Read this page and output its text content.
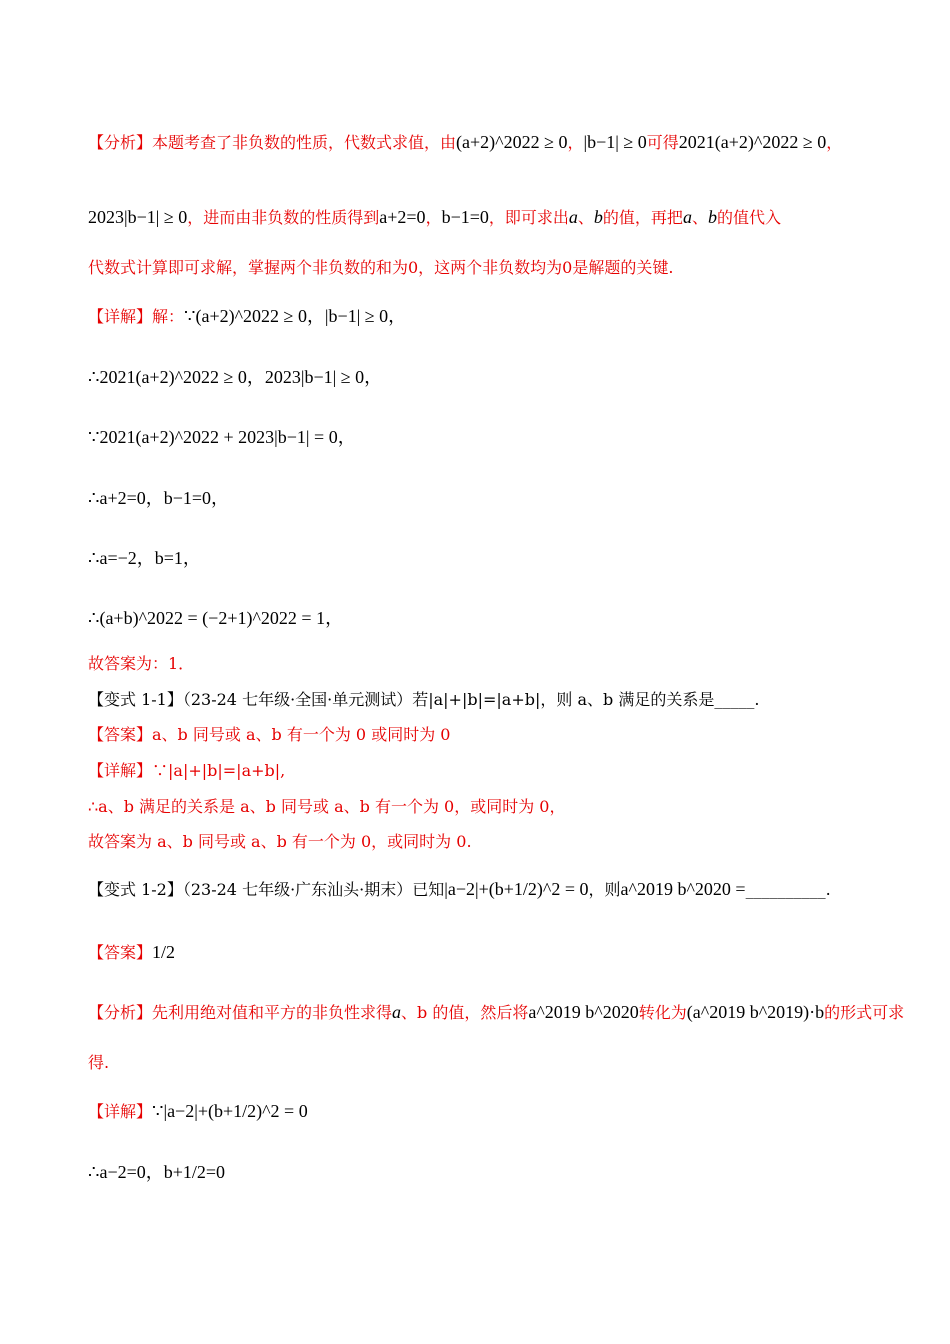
【分析】本题考查了非负数的性质，代数式求值，由(a+2)^2022 ≥ 0，|b−1| ≥ 0可得2021(a+2)^2022 ≥ 0，
2023|b−1| ≥ 0，进而由非负数的性质得到a+2=0，b−1=0，即可求出a、b的值，再把a、b的值代入
代数式计算即可求解，掌握两个非负数的和为0，这两个非负数均为0是解题的关键.
【详解】解：∵(a+2)^2022 ≥ 0，|b−1| ≥ 0，
∴2021(a+2)^2022 ≥ 0，2023|b−1| ≥ 0，
∵2021(a+2)^2022 + 2023|b−1| = 0，
∴a+2=0，b−1=0，
∴a=−2，b=1，
∴(a+b)^2022 = (−2+1)^2022 = 1，
故答案为：1．
【变式 1-1】（23-24 七年级·全国·单元测试）若|a|+|b|=|a+b|，则 a、b 满足的关系是_____.
【答案】a、b 同号或 a、b 有一个为 0 或同时为 0
【详解】∵|a|+|b|=|a+b|,
∴a、b 满足的关系是 a、b 同号或 a、b 有一个为 0，或同时为 0，
故答案为 a、b 同号或 a、b 有一个为 0，或同时为 0.
【变式 1-2】（23-24 七年级·广东汕头·期末）已知|a−2|+(b+1/2)^2 = 0，则a^2019 b^2020 =__________.
【答案】1/2
【分析】先利用绝对值和平方的非负性求得a、b 的值，然后将a^2019 b^2020转化为(a^2019 b^2019)·b的形式可求
得.
【详解】∵|a−2|+(b+1/2)^2 = 0
∴a−2=0，b+1/2=0
